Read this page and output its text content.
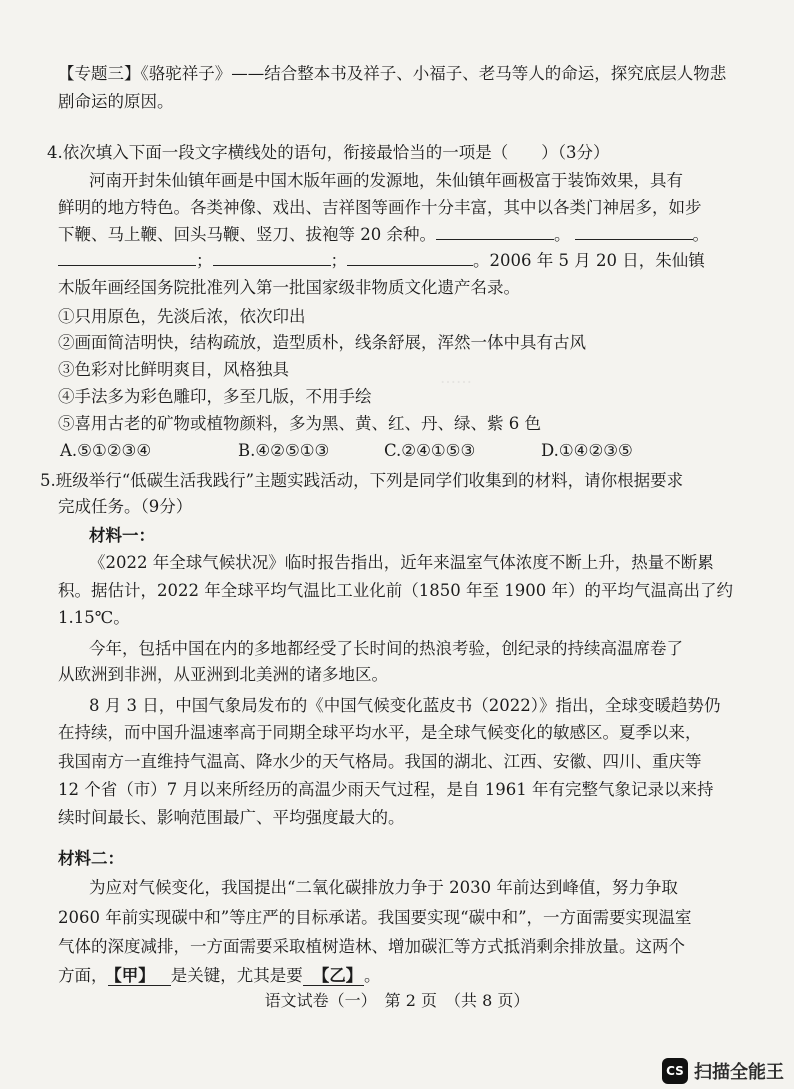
……
【专题三】《骆驼祥子》——结合整本书及祥子、小福子、老马等人的命运，探究底层人物悲
剧命运的原因。
4.依次填入下面一段文字横线处的语句，衔接最恰当的一项是（　　）（3分）
河南开封朱仙镇年画是中国木版年画的发源地，朱仙镇年画极富于装饰效果，具有
鲜明的地方特色。各类神像、戏出、吉祥图等画作十分丰富，其中以各类门神居多，如步
下鞭、马上鞭、回头马鞭、竖刀、拔袍等 20 余种。	。	。
；	；	。2006 年 5 月 20 日，朱仙镇
木版年画经国务院批准列入第一批国家级非物质文化遗产名录。
①只用原色，先淡后浓，依次印出
②画面简洁明快，结构疏放，造型质朴，线条舒展，浑然一体中具有古风
③色彩对比鲜明爽目，风格独具
④手法多为彩色雕印，多至几版，不用手绘
⑤喜用古老的矿物或植物颜料，多为黑、黄、红、丹、绿、紫 6 色
A.⑤①②③④	B.④②⑤①③	C.②④①⑤③	D.①④②③⑤
5.班级举行“低碳生活我践行”主题实践活动，下列是同学们收集到的材料，请你根据要求
完成任务。（9分）
材料一：
《2022 年全球气候状况》临时报告指出，近年来温室气体浓度不断上升，热量不断累
积。据估计，2022 年全球平均气温比工业化前（1850 年至 1900 年）的平均气温高出了约
1.15℃。
今年，包括中国在内的多地都经受了长时间的热浪考验，创纪录的持续高温席卷了
从欧洲到非洲，从亚洲到北美洲的诸多地区。
8 月 3 日，中国气象局发布的《中国气候变化蓝皮书（2022）》指出，全球变暖趋势仍
在持续，而中国升温速率高于同期全球平均水平，是全球气候变化的敏感区。夏季以来，
我国南方一直维持气温高、降水少的天气格局。我国的湖北、江西、安徽、四川、重庆等
12 个省（市）7 月以来所经历的高温少雨天气过程，是自 1961 年有完整气象记录以来持
续时间最长、影响范围最广、平均强度最大的。
材料二：
为应对气候变化，我国提出“二氧化碳排放力争于 2030 年前达到峰值，努力争取
2060 年前实现碳中和”等庄严的目标承诺。我国要实现“碳中和”，一方面需要实现温室
气体的深度减排，一方面需要采取植树造林、增加碳汇等方式抵消剩余排放量。这两个
方面， 【甲】 是关键，尤其是要 【乙】 。
语文试卷（一）　第 2 页　（共 8 页）
CS 扫描全能王
